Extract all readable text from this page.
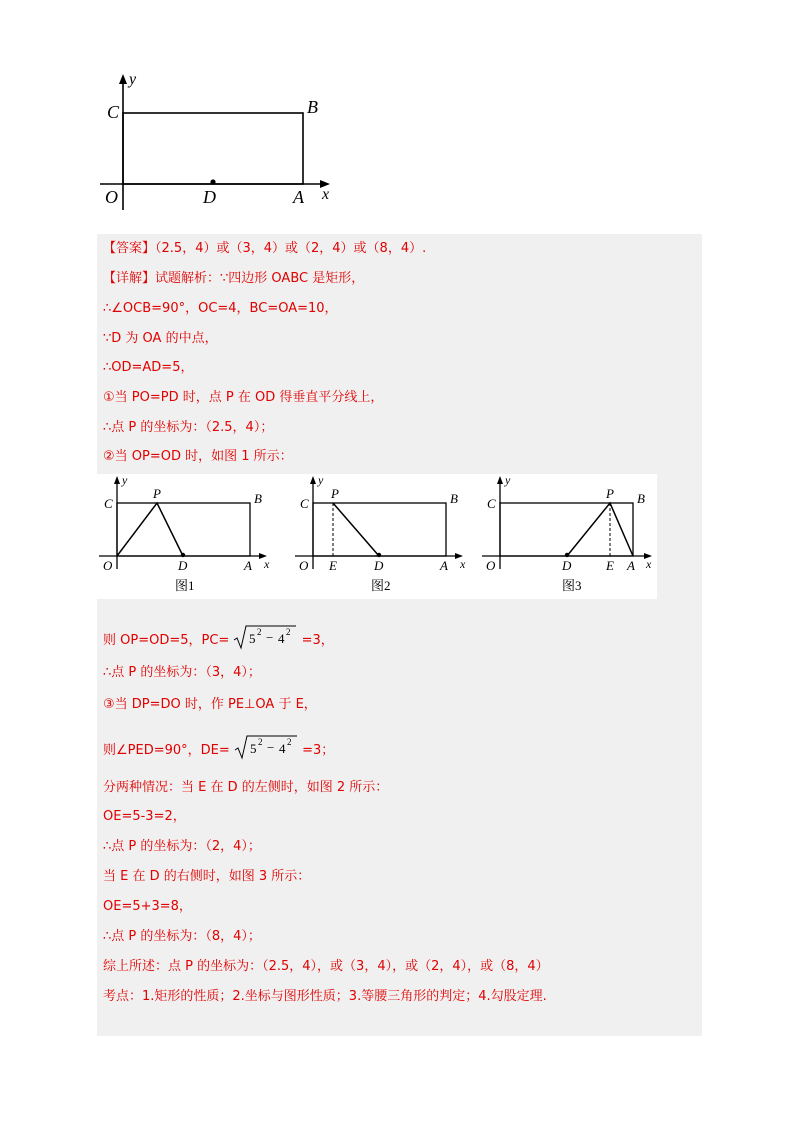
y
C	B
O	D	A x
【答案】（2.5，4）或（3，4）或（2，4）或（8，4）.
【详解】试题解析：∵四边形 OABC 是矩形，
∴∠OCB=90°，OC=4，BC=OA=10，
∵D 为 OA 的中点，
∴OD=AD=5，
①当 PO=PD 时，点 P 在 OD 得垂直平分线上，
∴点 P 的坐标为：（2.5，4）；
②当 OP=OD 时，如图 1 所示：
y
C
P	B
O	D	A x
图1
y
C
P	B
O E	D	A x
图2
y
C
P B
O	D	E A x
图3
则 OP=OD=5，PC= 5 2 − 4 2
=3，
∴点 P 的坐标为：（3，4）；
③当 DP=DO 时，作 PE⊥OA 于 E，
则∠PED=90°，DE= 5 2 − 4 2
=3；
分两种情况：当 E 在 D 的左侧时，如图 2 所示：
OE=5-3=2，
∴点 P 的坐标为：（2，4）；
当 E 在 D 的右侧时，如图 3 所示：
OE=5+3=8，
∴点 P 的坐标为：（8，4）；
综上所述：点 P 的坐标为：（2.5，4），或（3，4），或（2，4），或（8，4）
考点：1.矩形的性质；2.坐标与图形性质；3.等腰三角形的判定；4.勾股定理.
